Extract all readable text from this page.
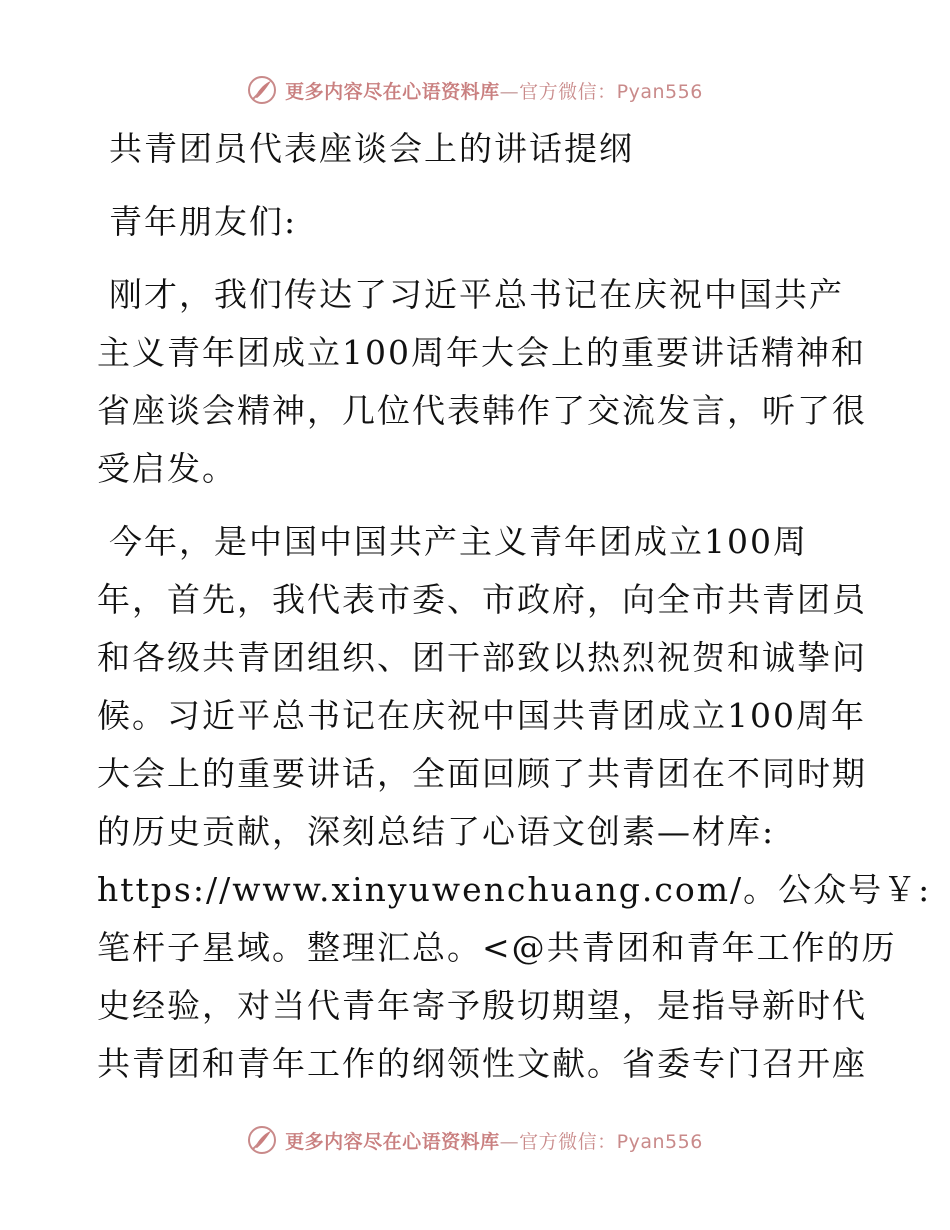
更多内容尽在心语资料库—官方微信：Pyan556
共青团员代表座谈会上的讲话提纲
青年朋友们:
刚才，我们传达了习近平总书记在庆祝中国共产
主义青年团成立100周年大会上的重要讲话精神和
省座谈会精神，几位代表韩作了交流发言，听了很
受启发。
今年，是中国中国共产主义青年团成立100周
年，首先，我代表市委、市政府，向全市共青团员
和各级共青团组织、团干部致以热烈祝贺和诚挚问
候。习近平总书记在庆祝中国共青团成立100周年
大会上的重要讲话，全面回顾了共青团在不同时期
的历史贡献，深刻总结了心语文创素—材库:
https://www.xinyuwenchuang.com/。公众号￥:
笔杆子星域。整理汇总。<@共青团和青年工作的历
史经验，对当代青年寄予殷切期望，是指导新时代
共青团和青年工作的纲领性文献。省委专门召开座
更多内容尽在心语资料库—官方微信：Pyan556
